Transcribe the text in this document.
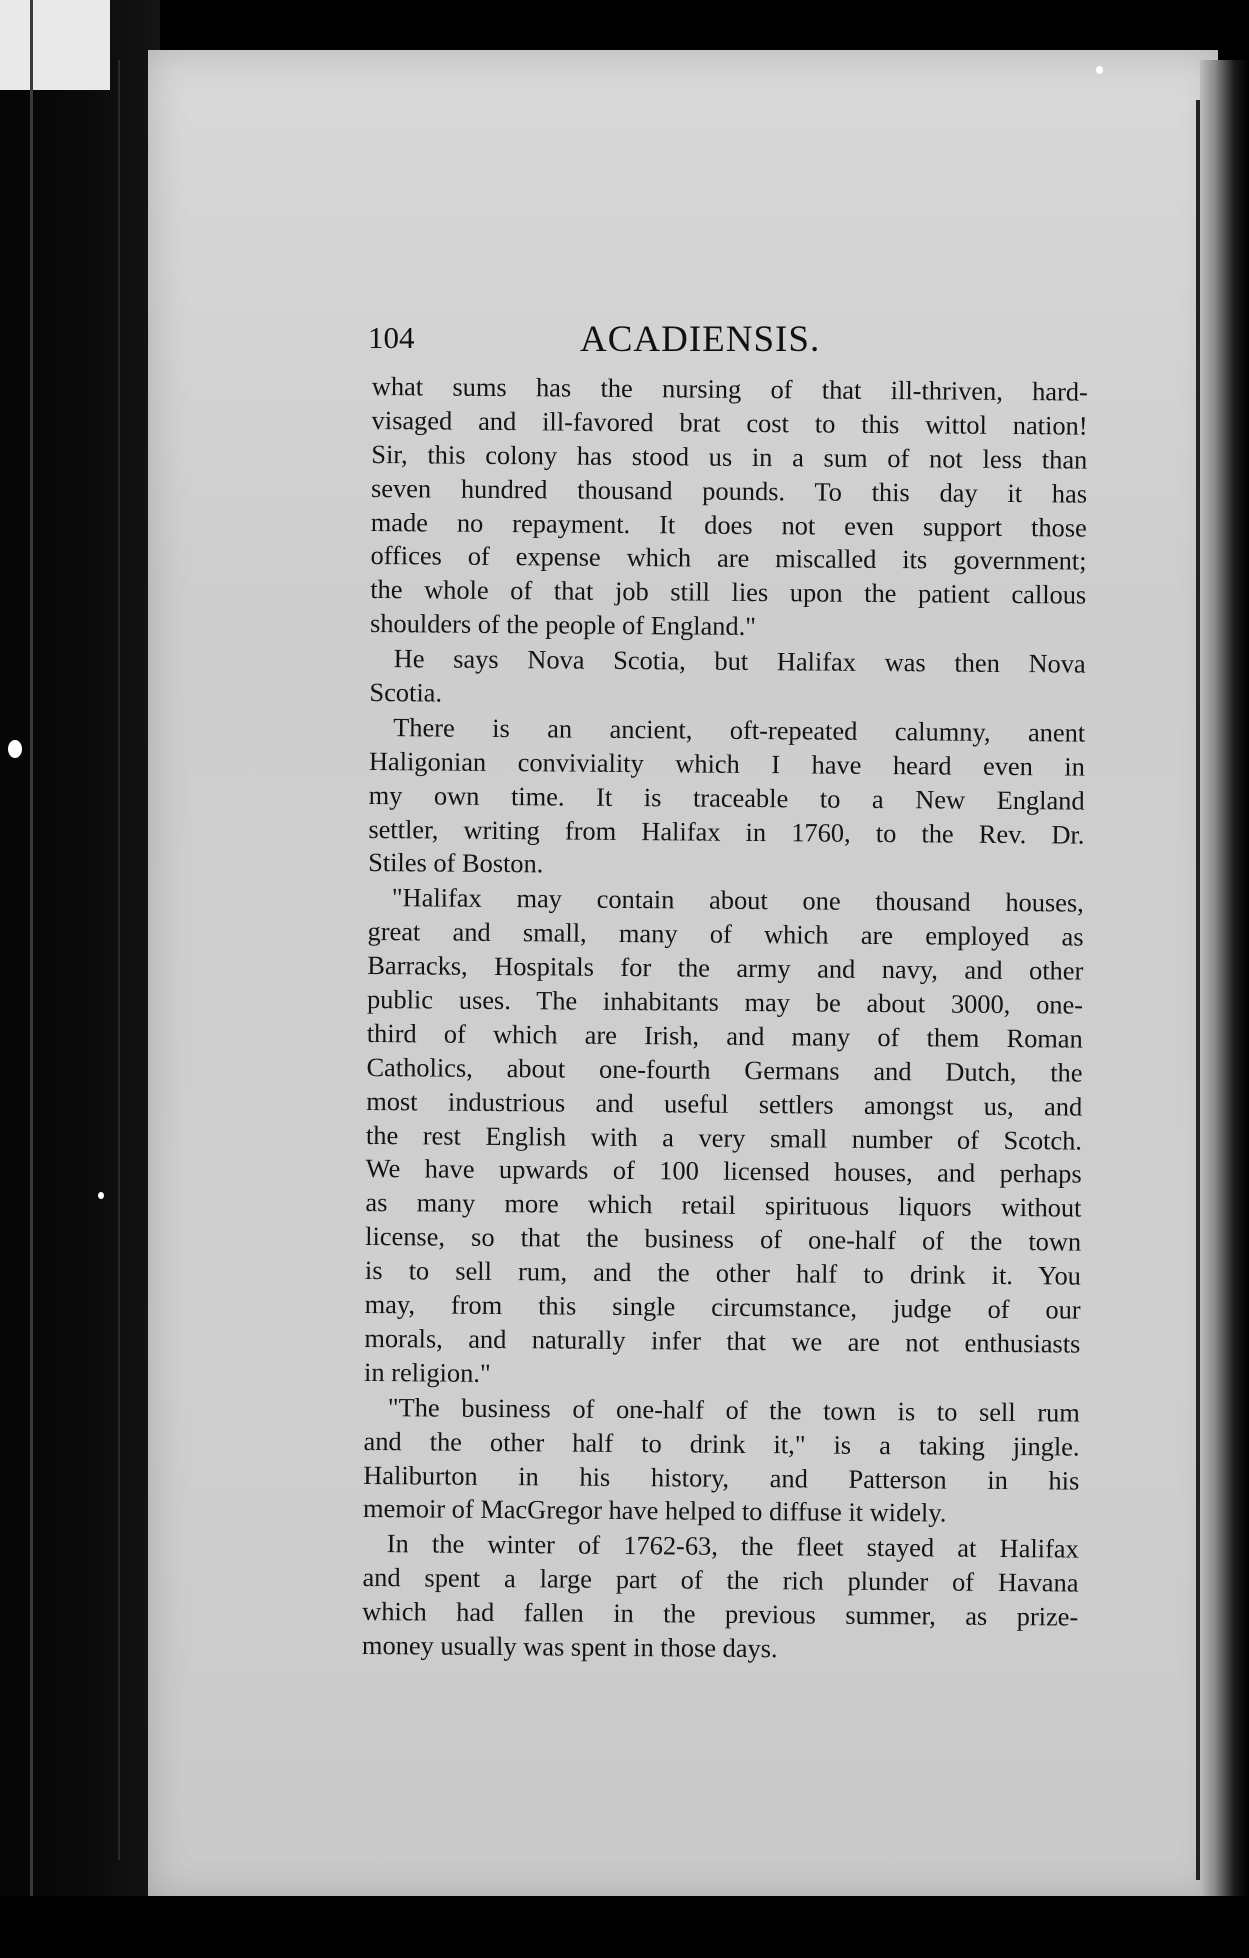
104	ACADIENSIS.
what sums has the nursing of that ill-thriven, hard-
visaged and ill-favored brat cost to this wittol nation!
Sir, this colony has stood us in a sum of not less than
seven hundred thousand pounds. To this day it has
made no repayment. It does not even support those
offices of expense which are miscalled its government;
the whole of that job still lies upon the patient callous
shoulders of the people of England."
He says Nova Scotia, but Halifax was then Nova
Scotia.
There is an ancient, oft-repeated calumny, anent
Haligonian conviviality which I have heard even in
my own time. It is traceable to a New England
settler, writing from Halifax in 1760, to the Rev. Dr.
Stiles of Boston.
"Halifax may contain about one thousand houses,
great and small, many of which are employed as
Barracks, Hospitals for the army and navy, and other
public uses. The inhabitants may be about 3000, one-
third of which are Irish, and many of them Roman
Catholics, about one-fourth Germans and Dutch, the
most industrious and useful settlers amongst us, and
the rest English with a very small number of Scotch.
We have upwards of 100 licensed houses, and perhaps
as many more which retail spirituous liquors without
license, so that the business of one-half of the town
is to sell rum, and the other half to drink it. You
may, from this single circumstance, judge of our
morals, and naturally infer that we are not enthusiasts
in religion."
"The business of one-half of the town is to sell rum
and the other half to drink it," is a taking jingle.
Haliburton in his history, and Patterson in his
memoir of MacGregor have helped to diffuse it widely.
In the winter of 1762-63, the fleet stayed at Halifax
and spent a large part of the rich plunder of Havana
which had fallen in the previous summer, as prize-
money usually was spent in those days.
